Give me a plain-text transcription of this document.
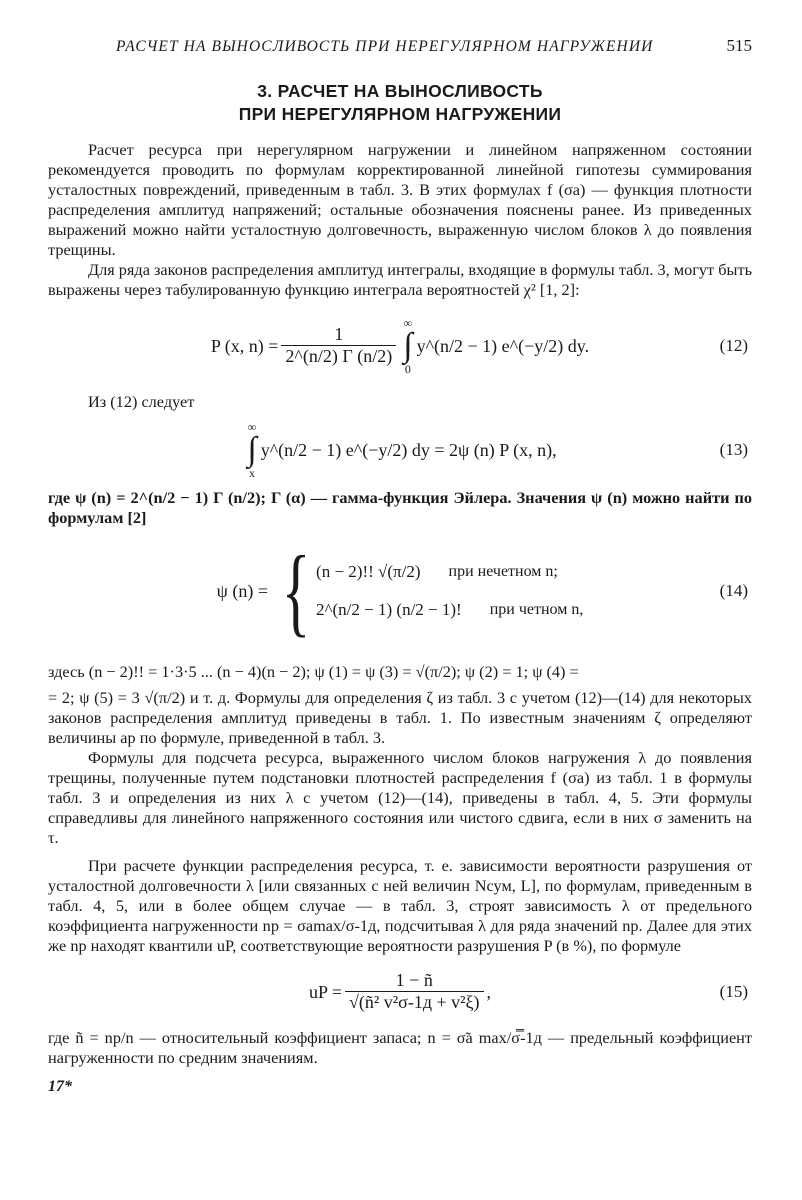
РАСЧЕТ НА ВЫНОСЛИВОСТЬ ПРИ НЕРЕГУЛЯРНОМ НАГРУЖЕНИИ	515
3. РАСЧЕТ НА ВЫНОСЛИВОСТЬ
ПРИ НЕРЕГУЛЯРНОМ НАГРУЖЕНИИ

Расчет ресурса при нерегулярном нагружении и линейном напряженном состоянии рекомендуется проводить по формулам корректированной линейной гипотезы суммирования усталостных повреждений, приведенным в табл. 3. В этих формулах f (σa) — функция плотности распределения амплитуд напряжений; остальные обозначения пояснены ранее. Из приведенных выражений можно найти усталостную долговечность, выраженную числом блоков λ до появления трещины.

Для ряда законов распределения амплитуд интегралы, входящие в формулы табл. 3, могут быть выражены через табулированную функцию интеграла вероятностей χ² [1, 2]:

P (x, $n) = \frac{1}{2\^{}(n/2) \Gamma (n/2)}$
∞
∫
0
y^(n/2 − 1) e^(−y/2) dy.	(12)

Из (12) следует

∞
∫
x
y^(n/2 − 1) e^(−y/2) dy = 2ψ (n) P (x, n),	(13)

где ψ (n) = 2^(n/2 − 1) Γ (n/2); Γ (α) — гамма-функция Эйлера. Значения ψ (n) можно найти по формулам [2]

ψ (n) = { (n − 2)!! √(π/2) при нечетном n;
2^(n/2 − 1) (n/2 − 1)! при четном n,
(14)

здесь (n − 2)!! = 1·3·5 ... (n − 4)(n − 2); ψ (1) = ψ (3) = √(π/2); ψ (2) = 1; ψ (4) =

= 2; ψ (5) = 3 √(π/2) и т. д. Формулы для определения ζ из табл. 3 с учетом (12)—(14) для некоторых законов распределения амплитуд приведены в табл. 1. По известным значениям ζ определяют величины ap по формуле, приведенной в табл. 3.

Формулы для подсчета ресурса, выраженного числом блоков нагружения λ до появления трещины, полученные путем подстановки плотностей распределения f (σa) из табл. 1 в формулы табл. 3 и определения из них λ с учетом (12)—(14), приведены в табл. 4, 5. Эти формулы справедливы для линейного напряженного состояния или чистого сдвига, если в них σ заменить на τ.

При расчете функции распределения ресурса, т. е. зависимости вероятности разрушения от усталостной долговечности λ [или связанных с ней величин Nсум, L], по формулам, приведенным в табл. 4, 5, или в более общем случае — в табл. 3, строят зависимость λ от предельного коэффициента нагруженности np = σamax/σ-1д, подсчитывая λ для ряда значений np. Далее для этих же np находят квантили uP, соответствующие вероятности разрушения P (в %), по формуле

uP = $\frac{1 - ñ}{\text{√(ñ² v²σ-1д + v²ξ)}}$ ,	(15)

где ñ = np/n — относительный коэффициент запаса; n = σ̃a max/σ̿-1д — предельный коэффициент нагруженности по средним значениям.

17*
